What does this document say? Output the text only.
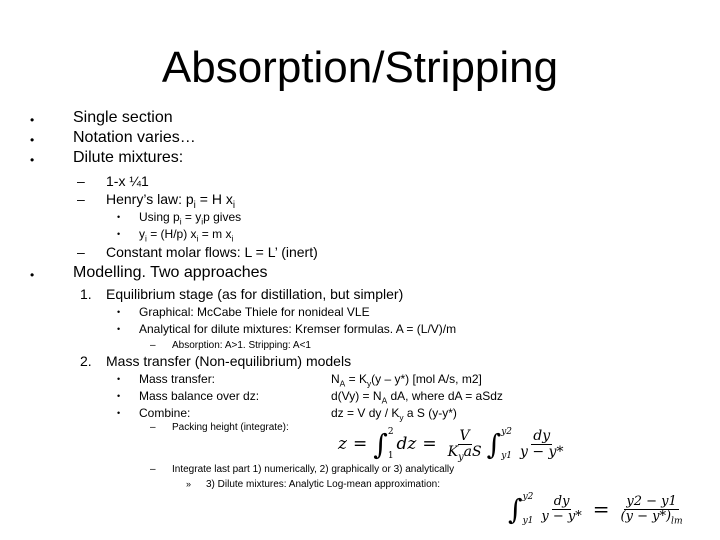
Absorption/Stripping
• Single section
• Notation varies…
• Dilute mixtures:
– 1-x ¼1
– Henry’s law: $p_i = H$ $x_i$
• Using $p_i = y_ip$ gives
• $y_i = (H/p) x_i = m$ $x_i$
– Constant molar flows: L = L’ (inert)
• Modelling. Two approaches
1. Equilibrium stage (as for distillation, but simpler)
• Graphical: McCabe Thiele for nonideal VLE
• Analytical for dilute mixtures: Kremser formulas. A = (L/V)/m
– Absorption: A>1. Stripping: A<1
2. Mass transfer (Non-equilibrium) models
• Mass transfer:	$N_A = K_y(y - y*)$ [mol A/s, m2]
• Mass balance over dz:	$d(Vy) = N_A$ dA, where dA = aSdz
• Combine:	dz = V dy / $K_y$ a S (y-y*)
– Packing height (integrate):
z = ∫ 2
1
dz = $\frac{V}{K_yaS}$ ∫ y2
$y1 \frac{dy}{y - y*}$
– Integrate last part 1) numerically, 2) graphically or 3) analytically
» 3) Dilute mixtures: Analytic Log-mean approximation:
∫ y2
$y1 \frac{dy}{y - y*} = \frac{y2 - y1}{(y - y*)_{lm}}$
